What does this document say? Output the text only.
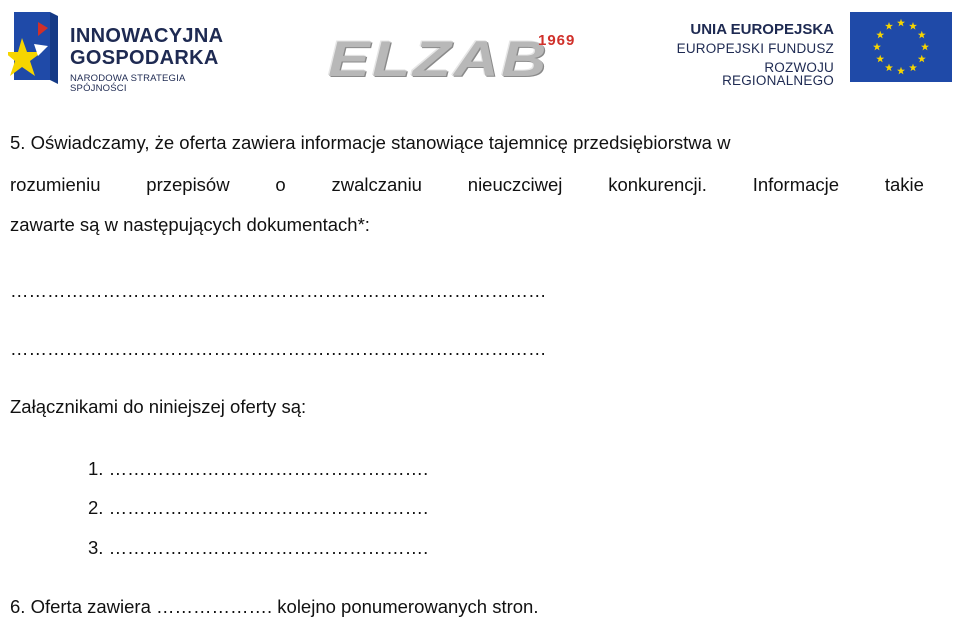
INNOWACYJNA
GOSPODARKA
NARODOWA STRATEGIA SPÓJNOŚCI
ELZAB
1969
UNIA EUROPEJSKA
EUROPEJSKI FUNDUSZ
ROZWOJU REGIONALNEGO
5. Oświadczamy, że oferta zawiera informacje stanowiące tajemnicę przedsiębiorstwa w
rozumieniu przepisów o zwalczaniu nieuczciwej konkurencji. Informacje takie
zawarte są w następujących dokumentach*:
……………………………………………………………………………
……………………………………………………………………………
Załącznikami do niniejszej oferty są:
1. …………………………………………….
2. …………………………………………….
3. …………………………………………….
6. Oferta zawiera ………………. kolejno ponumerowanych stron.
